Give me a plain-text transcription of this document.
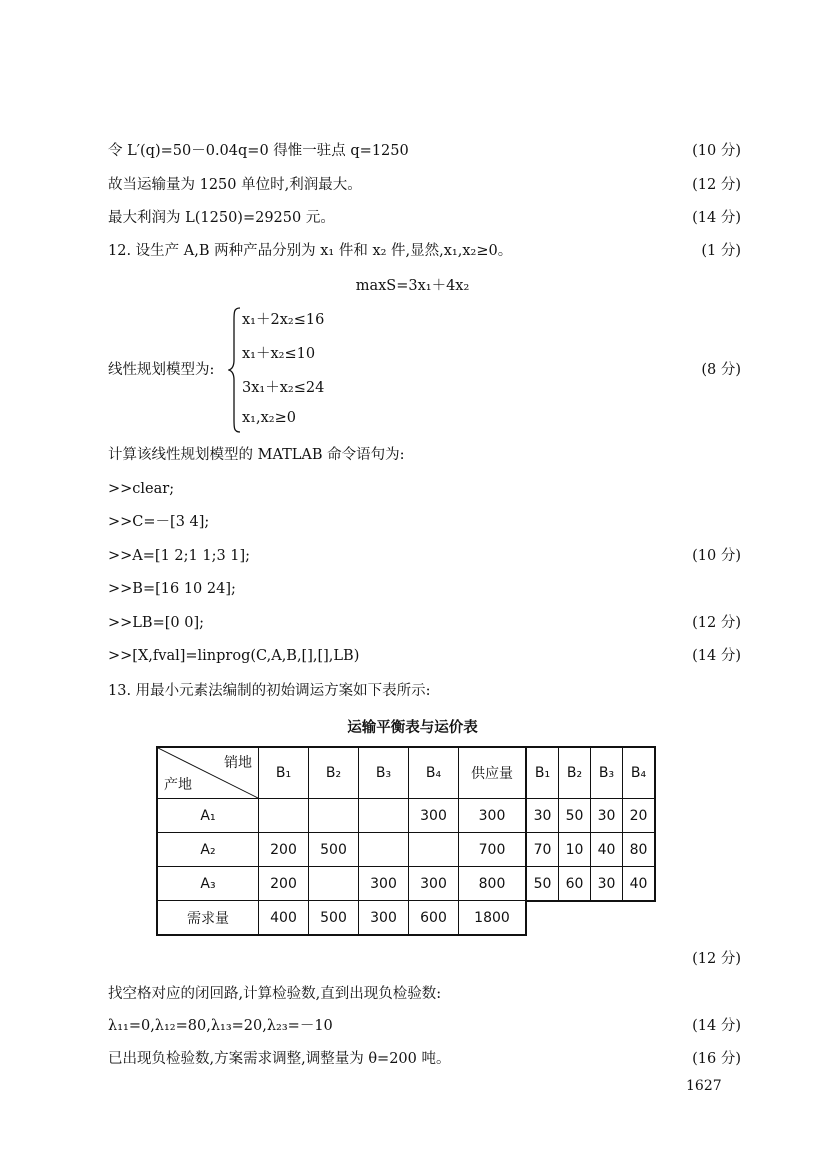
令 L′(q)=50－0.04q=0 得惟一驻点 q=1250	(10 分)
故当运输量为 1250 单位时,利润最大。	(12 分)
最大利润为 L(1250)=29250 元。	(14 分)
12. 设生产 A,B 两种产品分别为 x₁ 件和 x₂ 件,显然,x₁,x₂≥0。	(1 分)
maxS=3x₁＋4x₂
线性规划模型为:	(8 分)
x₁＋2x₂≤16
x₁＋x₂≤10
3x₁＋x₂≤24
x₁,x₂≥0
计算该线性规划模型的 MATLAB 命令语句为:
>>clear;
>>C=－[3 4];
>>A=[1 2;1 1;3 1];	(10 分)
>>B=[16 10 24];
>>LB=[0 0];	(12 分)
>>[X,fval]=linprog(C,A,B,[],[],LB)	(14 分)
13. 用最小元素法编制的初始调运方案如下表所示:
运输平衡表与运价表
销地
产地	B₁	B₂	B₃	B₄	供应量
A₁				300	300
A₂	200	500			700
A₃	200		300	300	800
需求量	400	500	300	600	1800
B₁	B₂	B₃	B₄
30	50	30	20
70	10	40	80
50	60	30	40
(12 分)
找空格对应的闭回路,计算检验数,直到出现负检验数:
λ₁₁=0,λ₁₂=80,λ₁₃=20,λ₂₃=－10	(14 分)
已出现负检验数,方案需求调整,调整量为 θ=200 吨。	(16 分)
1627
